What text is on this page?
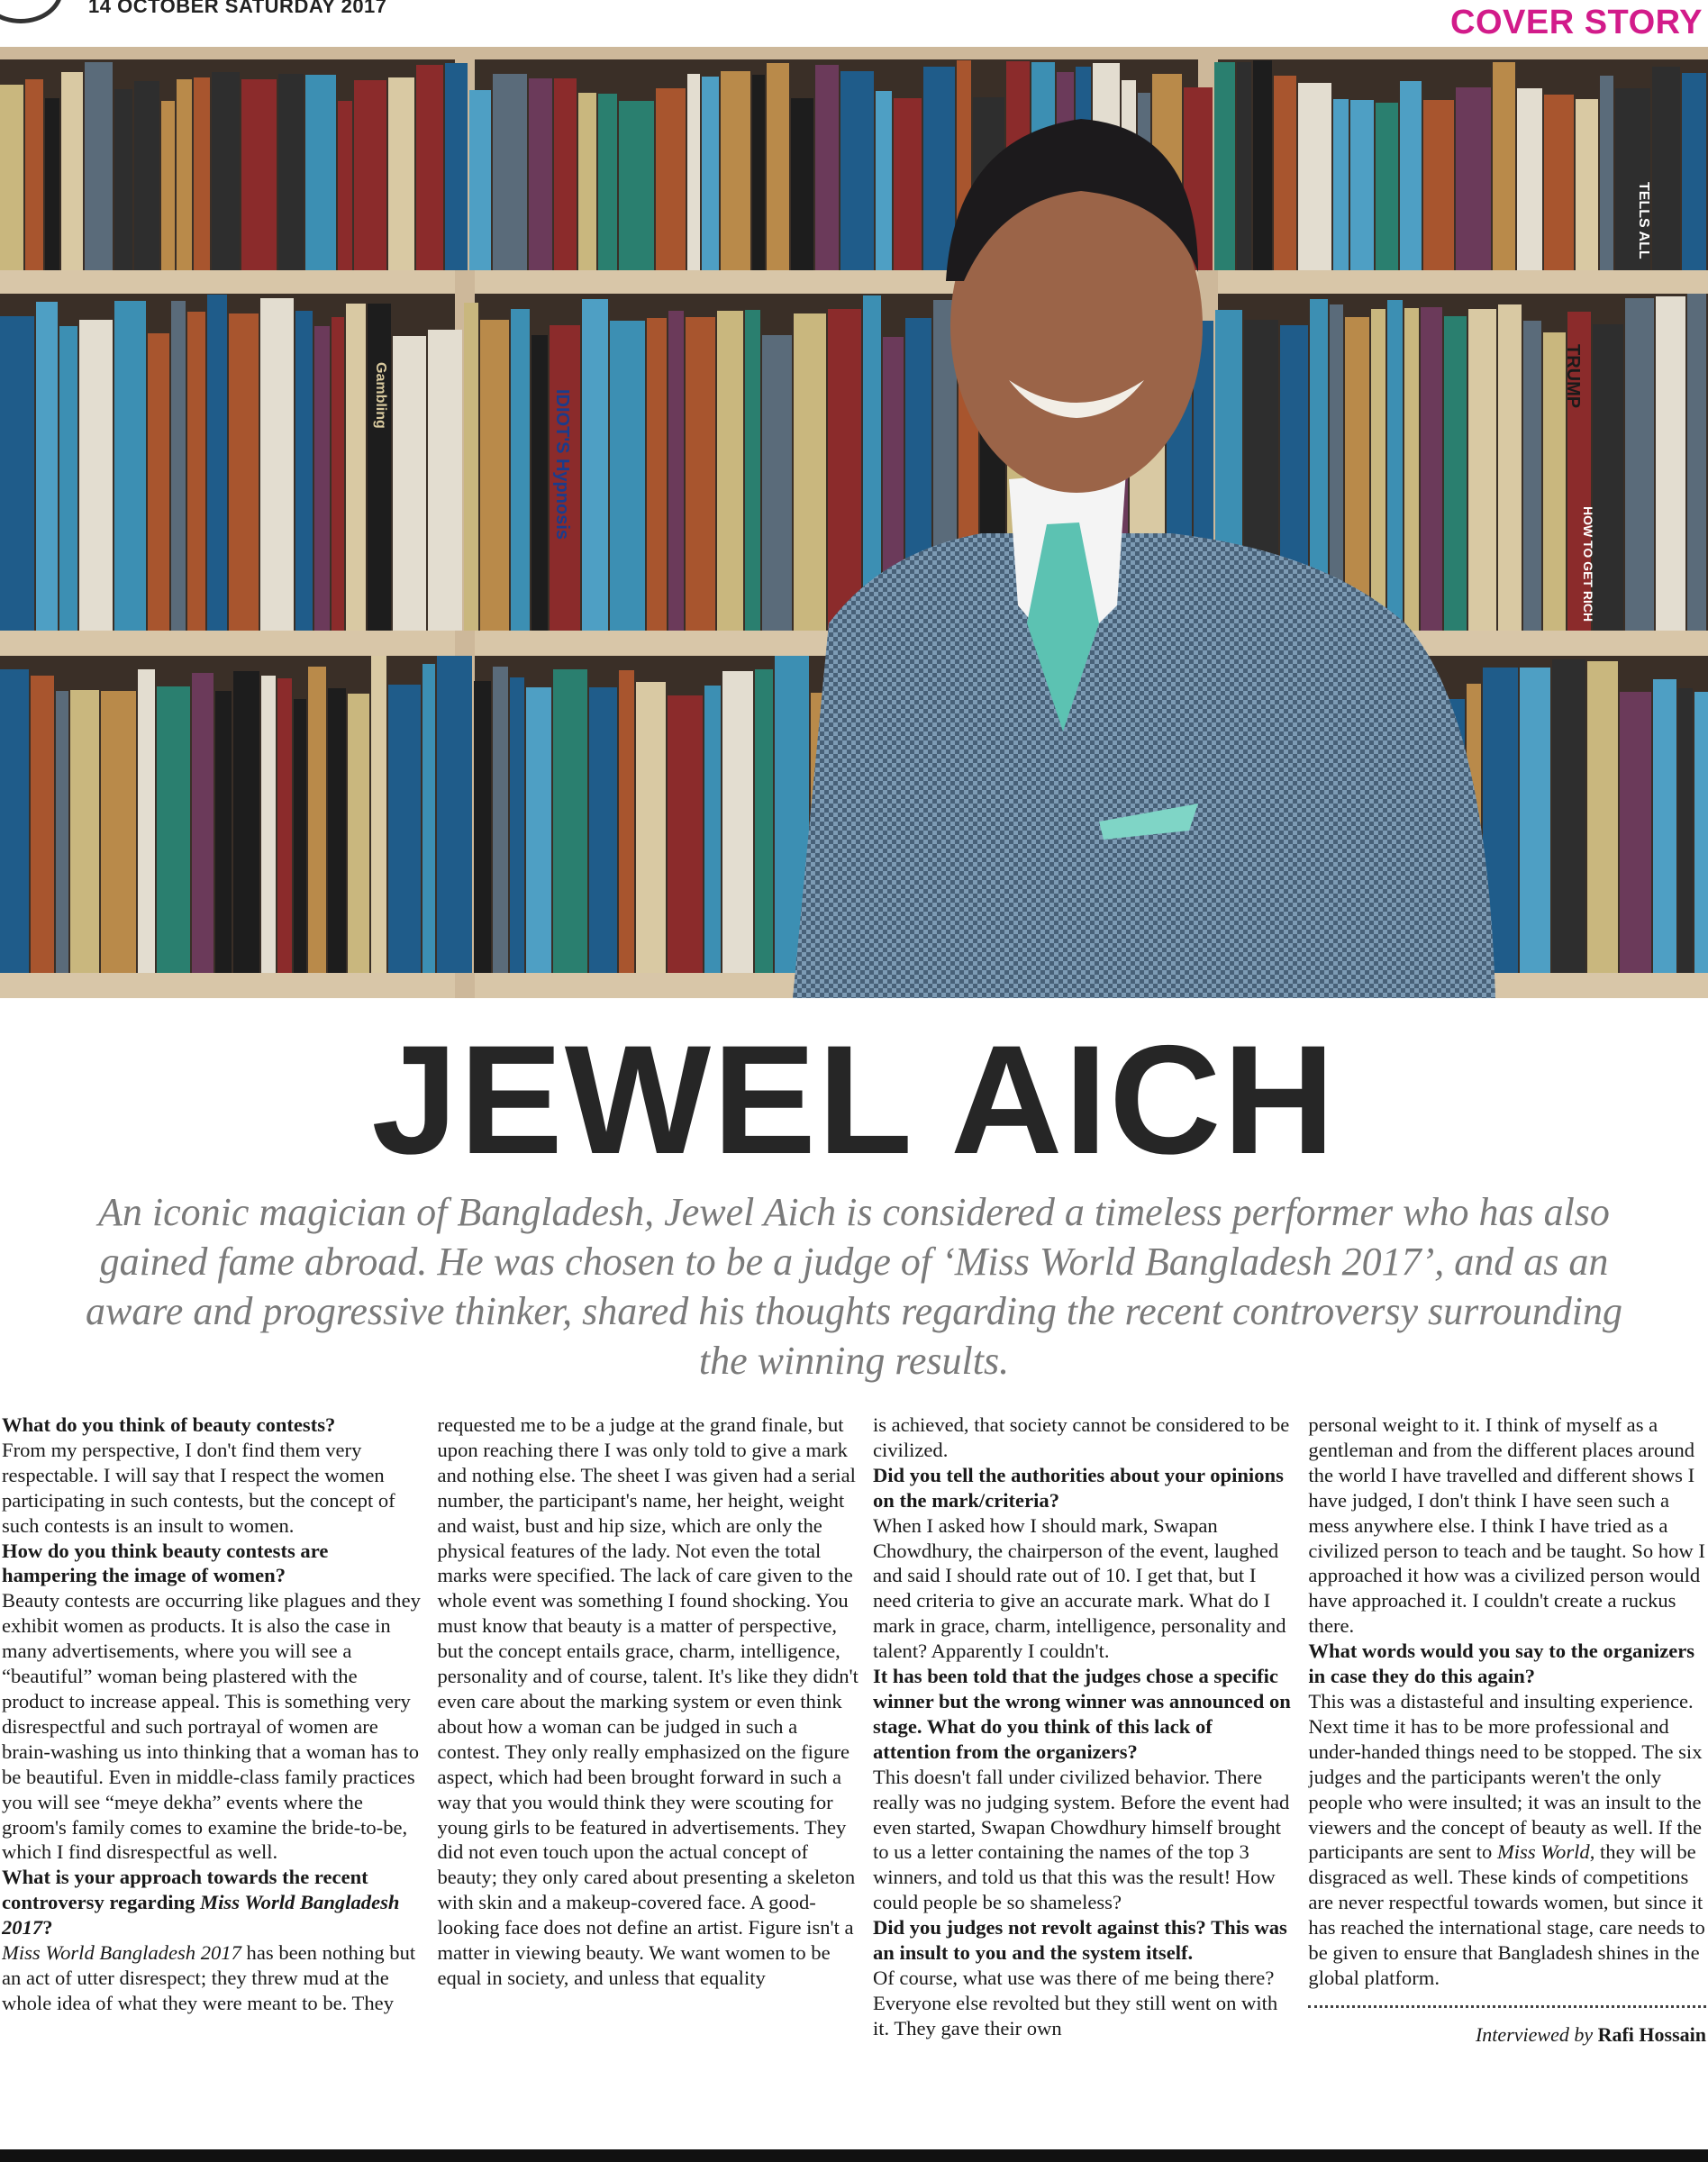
14 OCTOBER SATURDAY 2017	COVER STORY
TELLS ALL
IDIOT'S Hypnosis
Gambling	TRUMP
HOW TO GET RICH
JEWEL AICH
An iconic magician of Bangladesh, Jewel Aich is considered a timeless performer who has also gained fame abroad. He was chosen to be a judge of ‘Miss World Bangladesh 2017’, and as an aware and progressive thinker, shared his thoughts regarding the recent controversy surrounding the winning results.
What do you think of beauty contests?
From my perspective, I don't find them very respectable. I will say that I respect the women participating in such contests, but the concept of such contests is an insult to women.
How do you think beauty contests are hampering the image of women?
Beauty contests are occurring like plagues and they exhibit women as products. It is also the case in many advertisements, where you will see a “beautiful” woman being plastered with the product to increase appeal. This is something very disrespectful and such portrayal of women are brain-washing us into thinking that a woman has to be beautiful. Even in middle-class family practices you will see “meye dekha” events where the groom's family comes to examine the bride-to-be, which I find disrespectful as well.
What is your approach towards the recent controversy regarding Miss World Bangladesh 2017?
Miss World Bangladesh 2017 has been nothing but an act of utter disrespect; they threw mud at the whole idea of what they were meant to be. They
requested me to be a judge at the grand finale, but upon reaching there I was only told to give a mark and nothing else. The sheet I was given had a serial number, the participant's name, her height, weight and waist, bust and hip size, which are only the physical features of the lady. Not even the total marks were specified. The lack of care given to the whole event was something I found shocking. You must know that beauty is a matter of perspective, but the concept entails grace, charm, intelligence, personality and of course, talent. It's like they didn't even care about the marking system or even think about how a woman can be judged in such a contest. They only really emphasized on the figure aspect, which had been brought forward in such a way that you would think they were scouting for young girls to be featured in advertisements. They did not even touch upon the actual concept of beauty; they only cared about presenting a skeleton with skin and a makeup-covered face. A good-looking face does not define an artist. Figure isn't a matter in viewing beauty. We want women to be equal in society, and unless that equality
is achieved, that society cannot be considered to be civilized.
Did you tell the authorities about your opinions on the mark/criteria?
When I asked how I should mark, Swapan Chowdhury, the chairperson of the event, laughed and said I should rate out of 10. I get that, but I need criteria to give an accurate mark. What do I mark in grace, charm, intelligence, personality and talent? Apparently I couldn't.
It has been told that the judges chose a specific winner but the wrong winner was announced on stage. What do you think of this lack of attention from the organizers?
This doesn't fall under civilized behavior. There really was no judging system. Before the event had even started, Swapan Chowdhury himself brought to us a letter containing the names of the top 3 winners, and told us that this was the result! How could people be so shameless?
Did you judges not revolt against this? This was an insult to you and the system itself.
Of course, what use was there of me being there? Everyone else revolted but they still went on with it. They gave their own
personal weight to it. I think of myself as a gentleman and from the different places around the world I have travelled and different shows I have judged, I don't think I have seen such a mess anywhere else. I think I have tried as a civilized person to teach and be taught. So how I approached it how was a civilized person would have approached it. I couldn't create a ruckus there.
What words would you say to the organizers in case they do this again?
This was a distasteful and insulting experience. Next time it has to be more professional and under-handed things need to be stopped. The six judges and the participants weren't the only people who were insulted; it was an insult to the viewers and the concept of beauty as well. If the participants are sent to Miss World, they will be disgraced as well. These kinds of competitions are never respectful towards women, but since it has reached the international stage, care needs to be given to ensure that Bangladesh shines in the global platform.
Interviewed by Rafi Hossain
